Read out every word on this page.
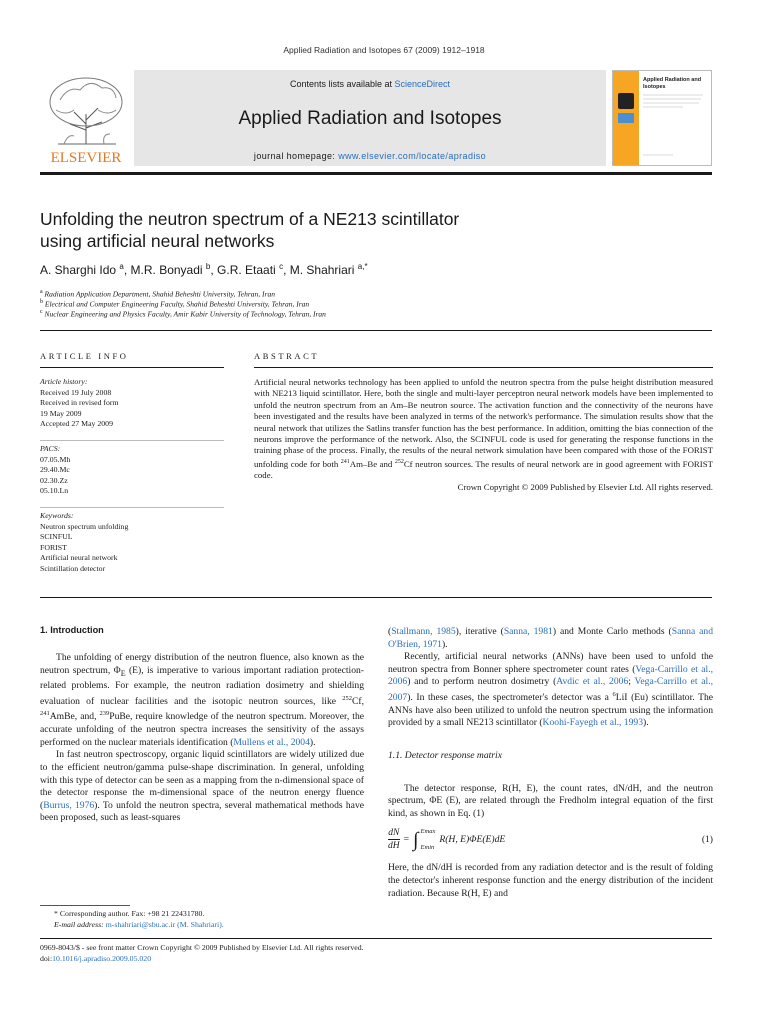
Applied Radiation and Isotopes 67 (2009) 1912–1918
ELSEVIER
Contents lists available at ScienceDirect
Applied Radiation and Isotopes
journal homepage: www.elsevier.com/locate/apradiso
Applied Radiation and
Isotopes
Unfolding the neutron spectrum of a NE213 scintillator
using artificial neural networks
A. Sharghi Ido $^a$, M.R. Bonyadi $^b$, G.R. Etaati $^c$, M. Shahriari $^{a,*}$
$^a$ Radiation Application Department, Shahid Beheshti University, Tehran, Iran
$^b$ Electrical and Computer Engineering Faculty, Shahid Beheshti University, Tehran, Iran
$^c$ Nuclear Engineering and Physics Faculty, Amir Kabir University of Technology, Tehran, Iran
ARTICLE INFO
Article history:
Received 19 July 2008
Received in revised form
19 May 2009
Accepted 27 May 2009
PACS:
07.05.Mh
29.40.Mc
02.30.Zz
05.10.Ln
Keywords:
Neutron spectrum unfolding
SCINFUL
FORIST
Artificial neural network
Scintillation detector
ABSTRACT
Artificial neural networks technology has been applied to unfold the neutron spectra from the pulse height distribution measured with NE213 liquid scintillator. Here, both the single and multi-layer perceptron neural network models have been implemented to unfold the neutron spectrum from an Am–Be neutron source. The activation function and the connectivity of the neurons have been investigated and the results have been analyzed in terms of the network's performance. The simulation results show that the neural network that utilizes the Satlins transfer function has the best performance. In addition, omitting the bias connection of the neurons improve the performance of the network. Also, the SCINFUL code is used for generating the response functions in the training phase of the process. Finally, the results of the neural network simulation have been compared with those of the FORIST unfolding code for both $^{241}$Am–Be and $^{252}$Cf neutron sources. The results of neural network are in good agreement with FORIST code.
Crown Copyright © 2009 Published by Elsevier Ltd. All rights reserved.
1. Introduction

The unfolding of energy distribution of the neutron fluence, also known as the neutron spectrum, $\Phi_E$ (E), is imperative to various important radiation protection-related problems. For example, the neutron radiation dosimetry and shielding evaluation of nuclear facilities and the isotopic neutron sources, like $^{252}$Cf, $^{241}$AmBe, and, $^{239}$PuBe, require knowledge of the neutron spectrum. Moreover, the accurate unfolding of the neutron spectra increases the sensitivity of the assays performed on the nuclear materials identification (Mullens et al., 2004).

In fast neutron spectroscopy, organic liquid scintillators are widely utilized due to the efficient neutron/gamma pulse-shape discrimination. In general, unfolding with this type of detector can be seen as a mapping from the n-dimensional space of the detector response the m-dimensional space of the neutron energy fluence (Burrus, 1976). To unfold the neutron spectra, several mathematical methods have been proposed, such as least-squares

(Stallmann, 1985), iterative (Sanna, 1981) and Monte Carlo methods (Sanna and O'Brien, 1971).

Recently, artificial neural networks (ANNs) have been used to unfold the neutron spectra from Bonner sphere spectrometer count rates (Vega-Carrillo et al., 2006) and to perform neutron dosimetry (Avdic et al., 2006; Vega-Carrillo et al., 2007). In these cases, the spectrometer's detector was a $^6$LiI (Eu) scintillator. The ANNs have also been utilized to unfold the neutron spectrum using the information provided by a small NE213 scintillator (Koohi-Fayegh et al., 1993).

1.1. Detector response matrix

The detector response, R(H, E), the count rates, dN/dH, and the neutron spectrum, ΦE (E), are related through the Fredholm integral equation of the first kind, as shown in Eq. (1)

$\frac{dN}{dH}$ = ∫ Emax
Emin
R(H, E)ΦE(E)dE	(1)

Here, the dN/dH is recorded from any radiation detector and is the result of folding the detector's inherent response function and the energy distribution of the incident radiation. Because R(H, E) and

* Corresponding author. Fax: +98 21 22431780.
E-mail address: m-shahriari@sbu.ac.ir (M. Shahriari).
0969-8043/$ - see front matter Crown Copyright © 2009 Published by Elsevier Ltd. All rights reserved.
doi:10.1016/j.apradiso.2009.05.020
